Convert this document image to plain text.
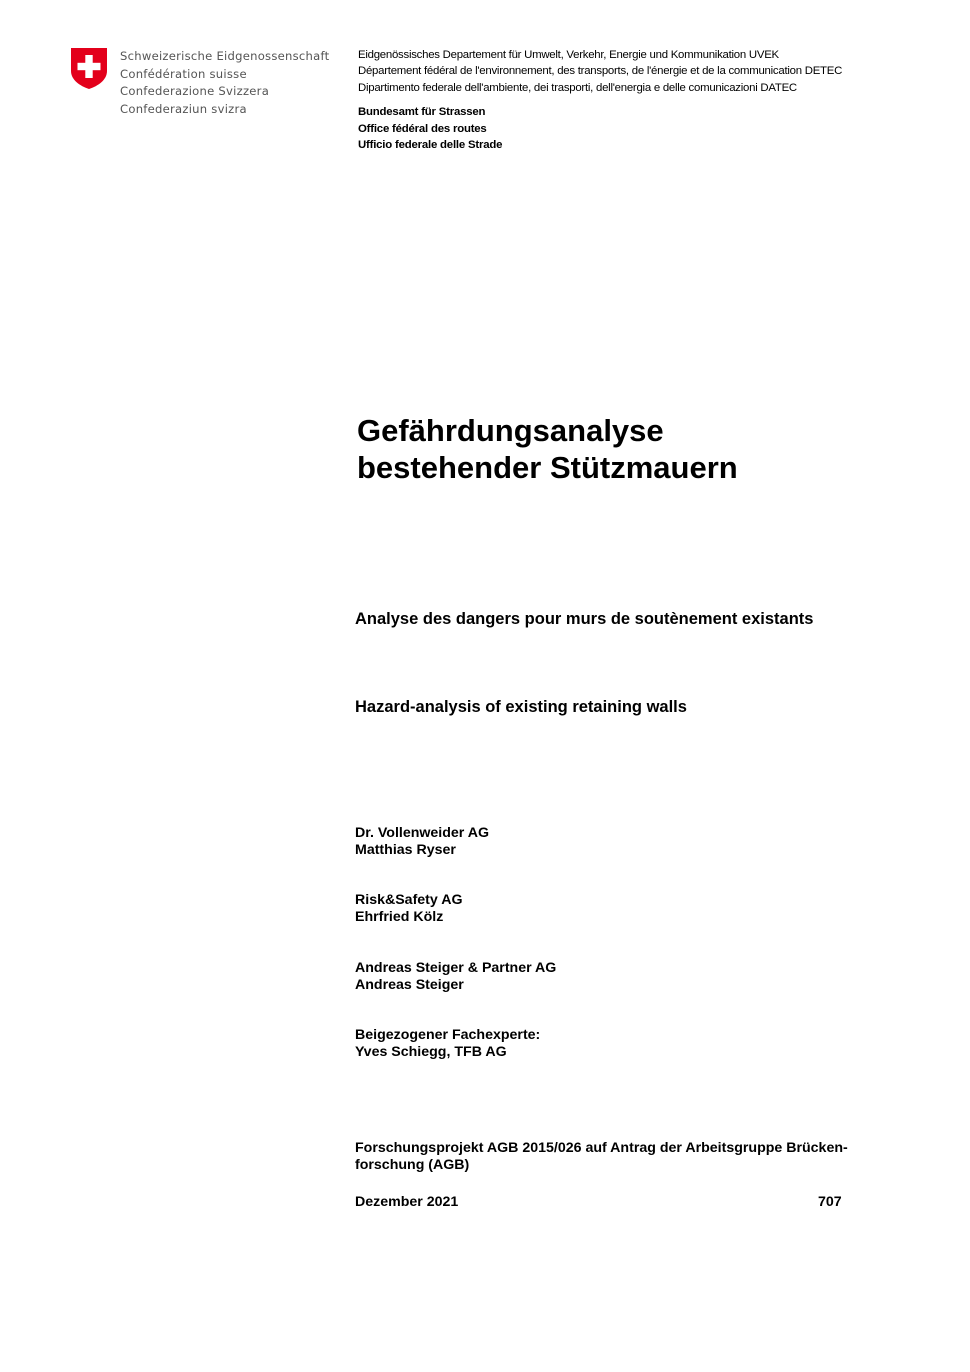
Schweizerische Eidgenossenschaft
Confédération suisse
Confederazione Svizzera
Confederaziun svizra
Eidgenössisches Departement für Umwelt, Verkehr, Energie und Kommunikation UVEK
Département fédéral de l'environnement, des transports, de l'énergie et de la communication DETEC
Dipartimento federale dell'ambiente, dei trasporti, dell'energia e delle comunicazioni DATEC
Bundesamt für Strassen
Office fédéral des routes
Ufficio federale delle Strade
Gefährdungsanalyse
bestehender Stützmauern
Analyse des dangers pour murs de soutènement existants
Hazard-analysis of existing retaining walls
Dr. Vollenweider AG
Matthias Ryser
Risk&Safety AG
Ehrfried Kölz
Andreas Steiger & Partner AG
Andreas Steiger
Beigezogener Fachexperte:
Yves Schiegg, TFB AG
Forschungsprojekt AGB 2015/026 auf Antrag der Arbeitsgruppe Brücken-forschung (AGB)
Dezember 2021	707
